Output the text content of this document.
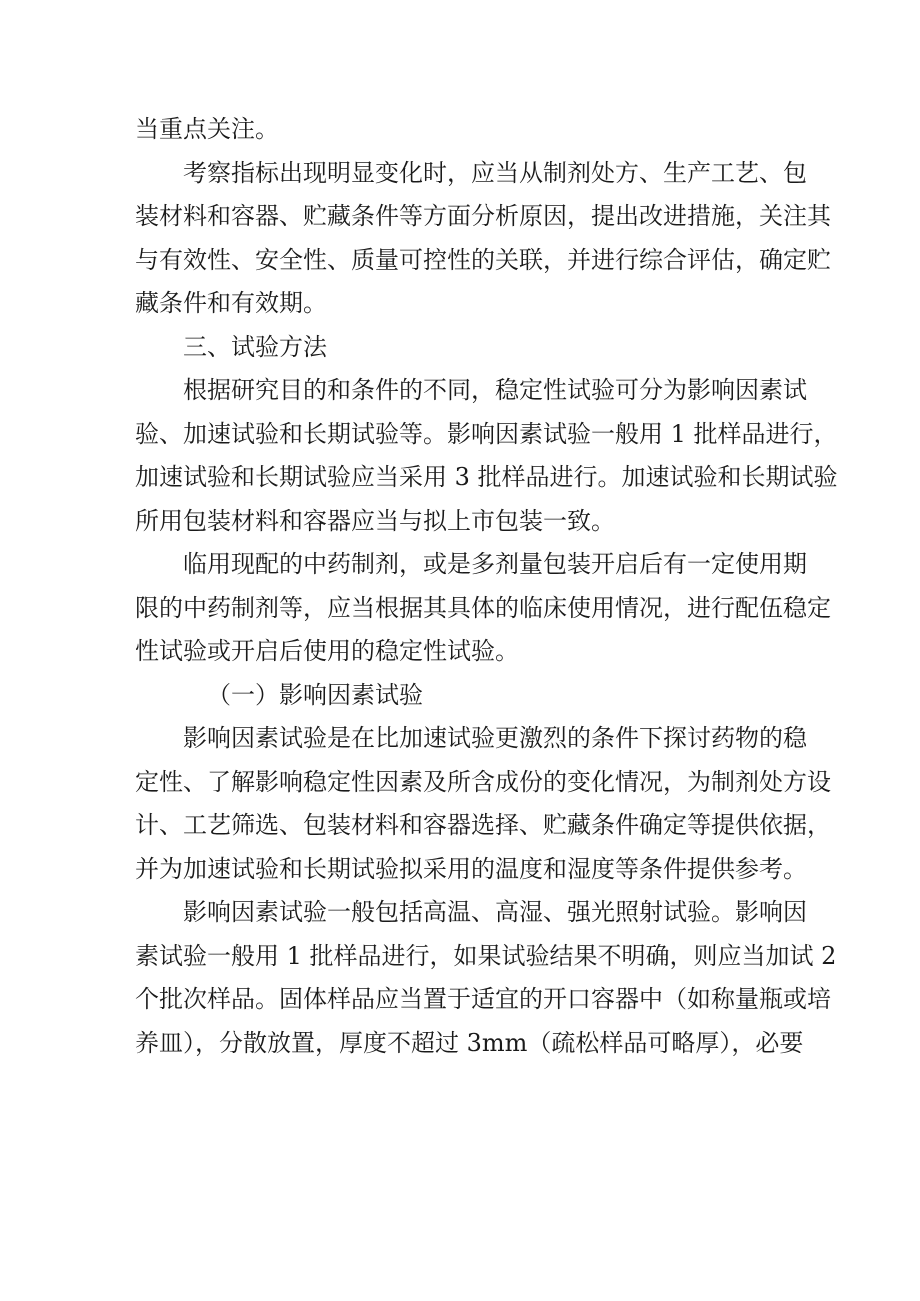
当重点关注。
考察指标出现明显变化时，应当从制剂处方、生产工艺、包
装材料和容器、贮藏条件等方面分析原因，提出改进措施，关注其
与有效性、安全性、质量可控性的关联，并进行综合评估，确定贮
藏条件和有效期。
三、试验方法
根据研究目的和条件的不同，稳定性试验可分为影响因素试
验、加速试验和长期试验等。影响因素试验一般用 1 批样品进行，
加速试验和长期试验应当采用 3 批样品进行。加速试验和长期试验
所用包装材料和容器应当与拟上市包装一致。
临用现配的中药制剂，或是多剂量包装开启后有一定使用期
限的中药制剂等，应当根据其具体的临床使用情况，进行配伍稳定
性试验或开启后使用的稳定性试验。
（一）影响因素试验
影响因素试验是在比加速试验更激烈的条件下探讨药物的稳
定性、了解影响稳定性因素及所含成份的变化情况，为制剂处方设
计、工艺筛选、包装材料和容器选择、贮藏条件确定等提供依据，
并为加速试验和长期试验拟采用的温度和湿度等条件提供参考。
影响因素试验一般包括高温、高湿、强光照射试验。影响因
素试验一般用 1 批样品进行，如果试验结果不明确，则应当加试 2
个批次样品。固体样品应当置于适宜的开口容器中（如称量瓶或培
养皿），分散放置，厚度不超过 3mm（疏松样品可略厚），必要
